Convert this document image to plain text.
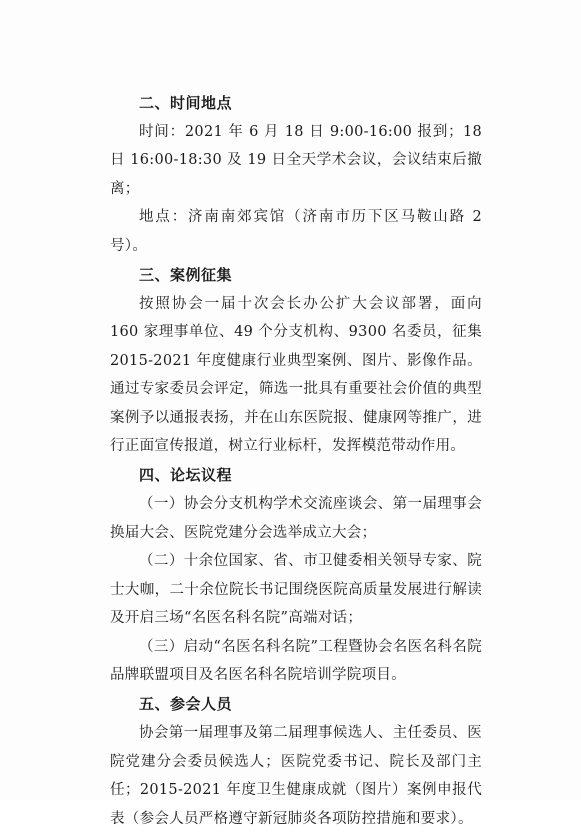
二、时间地点

时间：2021 年 6 月 18 日 9:00-16:00 报到；18 日 16:00-18:30 及 19 日全天学术会议，会议结束后撤离；

地点：济南南郊宾馆（济南市历下区马鞍山路 2 号）。

三、案例征集

按照协会一届十次会长办公扩大会议部署，面向 160 家理事单位、49 个分支机构、9300 名委员，征集 2015-2021 年度健康行业典型案例、图片、影像作品。通过专家委员会评定，筛选一批具有重要社会价值的典型案例予以通报表扬，并在山东医院报、健康网等推广，进行正面宣传报道，树立行业标杆，发挥模范带动作用。

四、论坛议程

（一）协会分支机构学术交流座谈会、第一届理事会换届大会、医院党建分会选举成立大会；

（二）十余位国家、省、市卫健委相关领导专家、院士大咖，二十余位院长书记围绕医院高质量发展进行解读及开启三场“名医名科名院”高端对话；

（三）启动“名医名科名院”工程暨协会名医名科名院品牌联盟项目及名医名科名院培训学院项目。

五、参会人员

协会第一届理事及第二届理事候选人、主任委员、医院党建分会委员候选人；医院党委书记、院长及部门主任；2015-2021 年度卫生健康成就（图片）案例申报代表（参会人员严格遵守新冠肺炎各项防控措施和要求）。
